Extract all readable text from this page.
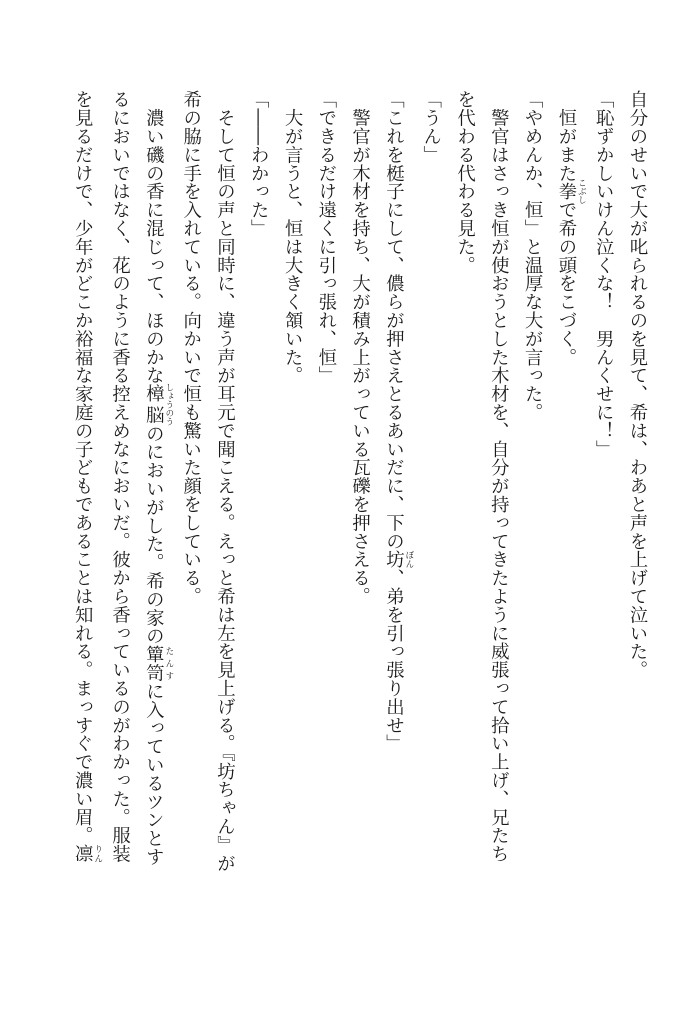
自分のせいで大が叱られるのを見て、希は、わあと声を上げて泣いた。
「恥ずかしいけん泣くな！　男んくせに！」
　恒がまた拳 こぶしで希の頭をこづく。
「やめんか、恒」と温厚な大が言った。
　警官はさっき恒が使おうとした木材を、自分が持ってきたように威張って拾い上げ、兄たち
を代わる代わる見た。
「うん」
「これを梃子にして、儂らが押さえとるあいだに、下の坊 ぼん、弟を引っ張り出せ」
　警官が木材を持ち、大が積み上がっている瓦礫を押さえる。
「できるだけ遠くに引っ張れ、恒」
　大が言うと、恒は大きく頷いた。
「――わかった」
　そして恒の声と同時に、違う声が耳元で聞こえる。えっと希は左を見上げる。『坊ちゃん』が
希の脇に手を入れている。向かいで恒も驚いた顔をしている。
　濃い磯の香に混じって、ほのかな樟脳 しょうのうのにおいがした。希の家の簞笥 たんすに入っているツンとす
るにおいではなく、花のように香る控えめなにおいだ。彼から香っているのがわかった。服装
を見るだけで、少年がどこか裕福な家庭の子どもであることは知れる。まっすぐで濃い眉。凛 りん
